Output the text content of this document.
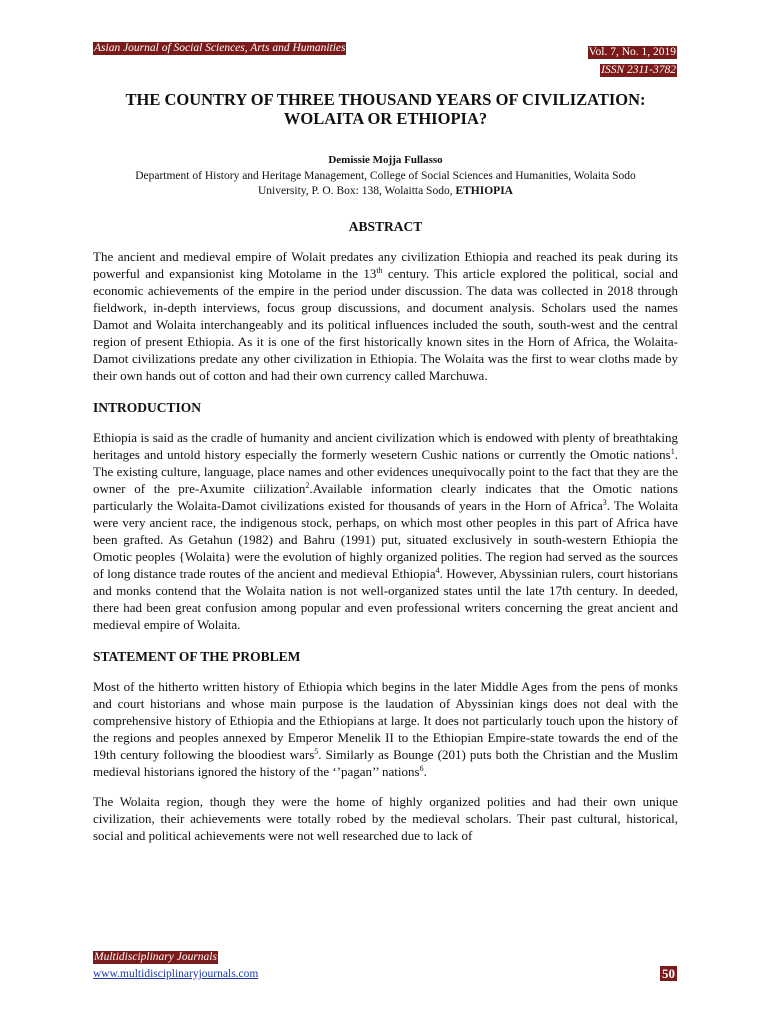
Asian Journal of Social Sciences, Arts and Humanities	Vol. 7, No. 1, 2019
ISSN 2311-3782
THE COUNTRY OF THREE THOUSAND YEARS OF CIVILIZATION:
WOLAITA OR ETHIOPIA?
Demissie Mojja Fullasso
Department of History and Heritage Management, College of Social Sciences and Humanities, Wolaita Sodo
University, P. O. Box: 138, Wolaitta Sodo, ETHIOPIA
ABSTRACT

The ancient and medieval empire of Wolait predates any civilization Ethiopia and reached its peak during its powerful and expansionist king Motolame in the 13th century. This article explored the political, social and economic achievements of the empire in the period under discussion. The data was collected in 2018 through fieldwork, in-depth interviews, focus group discussions, and document analysis. Scholars used the names Damot and Wolaita interchangeably and its political influences included the south, south-west and the central region of present Ethiopia. As it is one of the first historically known sites in the Horn of Africa, the Wolaita-Damot civilizations predate any other civilization in Ethiopia. The Wolaita was the first to wear cloths made by their own hands out of cotton and had their own currency called Marchuwa.

INTRODUCTION

Ethiopia is said as the cradle of humanity and ancient civilization which is endowed with plenty of breathtaking heritages and untold history especially the formerly wesetern Cushic nations or currently the Omotic nations$^1$. The existing culture, language, place names and other evidences unequivocally point to the fact that they are the owner of the pre-Axumite ciilization$^2$.Available information clearly indicates that the Omotic nations particularly the Wolaita-Damot civilizations existed for thousands of years in the Horn of Africa$^3$. The Wolaita were very ancient race, the indigenous stock, perhaps, on which most other peoples in this part of Africa have been grafted. As Getahun (1982) and Bahru (1991) put, situated exclusively in south-western Ethiopia the Omotic peoples {Wolaita} were the evolution of highly organized polities. The region had served as the sources of long distance trade routes of the ancient and medieval Ethiopia$^4$. However, Abyssinian rulers, court historians and monks contend that the Wolaita nation is not well-organized states until the late 17th century. In deeded, there had been great confusion among popular and even professional writers concerning the great ancient and medieval empire of Wolaita.

STATEMENT OF THE PROBLEM

Most of the hitherto written history of Ethiopia which begins in the later Middle Ages from the pens of monks and court historians and whose main purpose is the laudation of Abyssinian kings does not deal with the comprehensive history of Ethiopia and the Ethiopians at large. It does not particularly touch upon the history of the regions and peoples annexed by Emperor Menelik II to the Ethiopian Empire-state towards the end of the 19th century following the bloodiest wars$^5$. Similarly as Bounge (201) puts both the Christian and the Muslim medieval historians ignored the history of the ‘’pagan’’ nations$^6$.

The Wolaita region, though they were the home of highly organized polities and had their own unique civilization, their achievements were totally robed by the medieval scholars. Their past cultural, historical, social and political achievements were not well researched due to lack of

Multidisciplinary Journals
www.multidisciplinaryjournals.com	50
